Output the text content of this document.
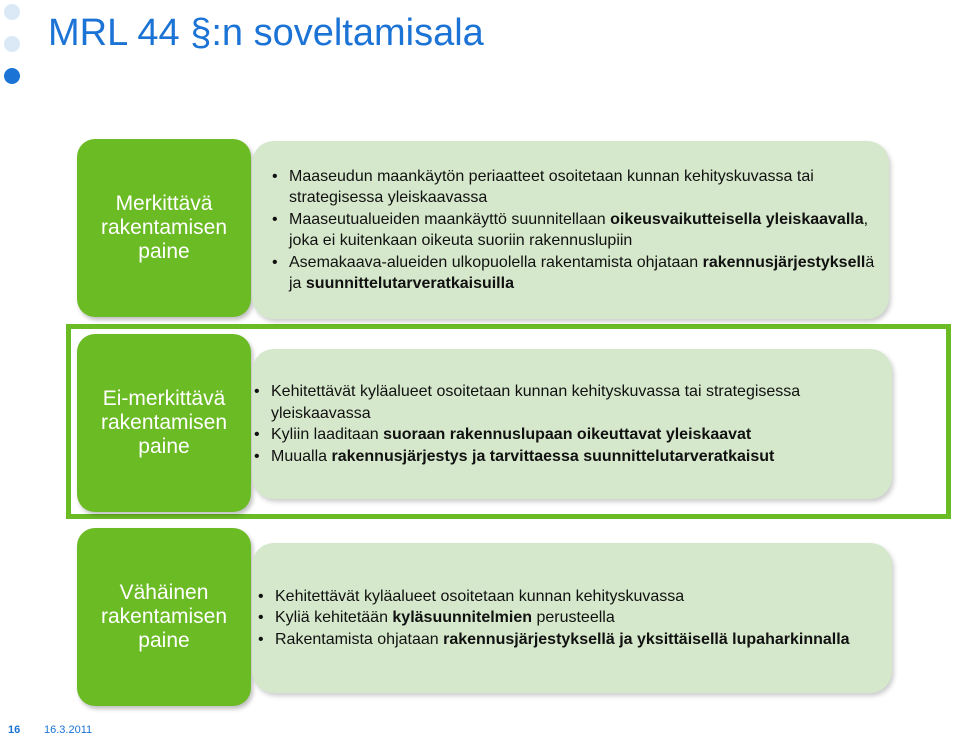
MRL 44 §:n soveltamisala
Merkittävä rakentamisen paine
• Maaseudun maankäytön periaatteet osoitetaan kunnan kehityskuvassa tai strategisessa yleiskaavassa
• Maaseutualueiden maankäyttö suunnitellaan oikeusvaikutteisella yleiskaavalla, joka ei kuitenkaan oikeuta suoriin rakennuslupiin
• Asemakaava-alueiden ulkopuolella rakentamista ohjataan rakennusjärjestyksellä ja suunnittelutarveratkaisuilla
Ei-merkittävä rakentamisen paine
• Kehitettävät kyläalueet osoitetaan kunnan kehityskuvassa tai strategisessa yleiskaavassa
• Kyliin laaditaan suoraan rakennuslupaan oikeuttavat yleiskaavat
• Muualla rakennusjärjestys ja tarvittaessa suunnittelutarveratkaisut
Vähäinen rakentamisen paine
• Kehitettävät kyläalueet osoitetaan kunnan kehityskuvassa
• Kyliä kehitetään kyläsuunnitelmien perusteella
• Rakentamista ohjataan rakennusjärjestyksellä ja yksittäisellä lupaharkinnalla
16 16.3.2011
